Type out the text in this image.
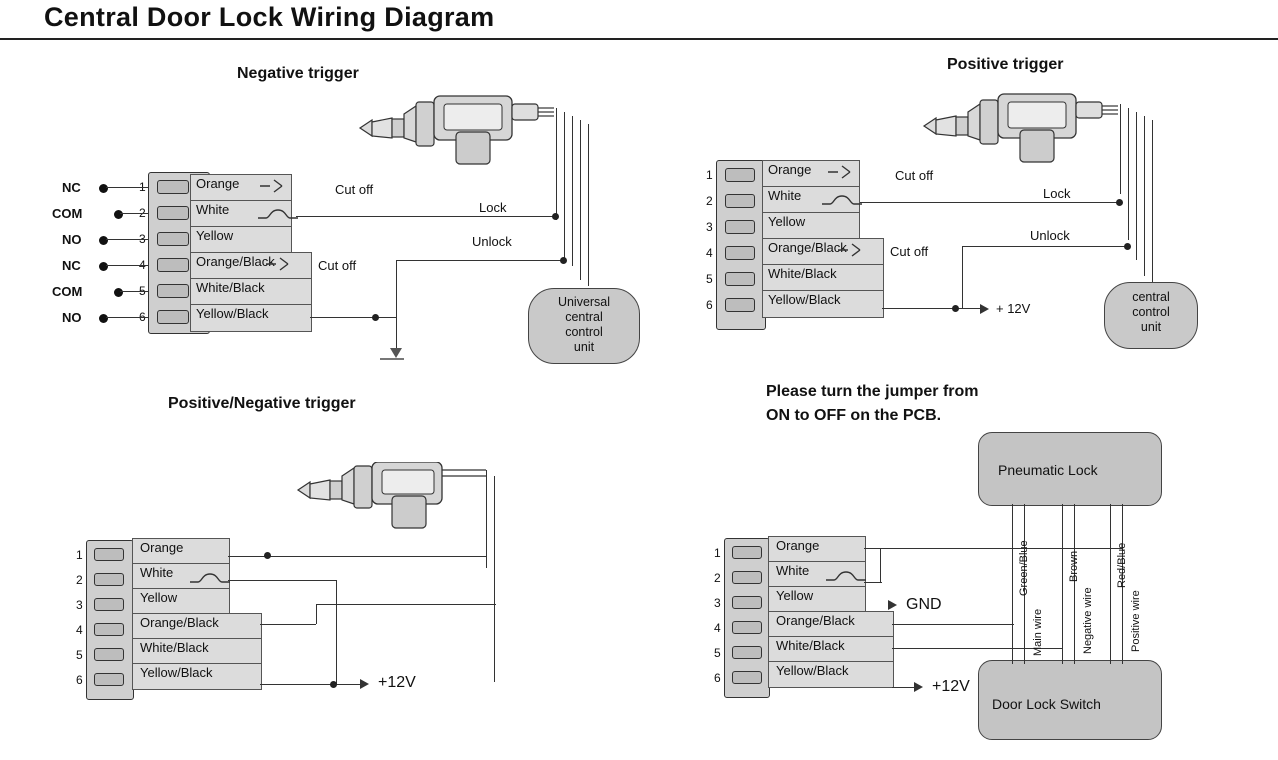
Central Door Lock Wiring Diagram
Negative trigger
NC
COM
NO
NC
COM
NO
Orange
White
Yellow
Orange/Black
White/Black
Yellow/Black
Cut off
Cut off
Lock
Unlock
Universal
central
control
unit
Positive trigger
1
2
3
4
5
6
Orange
White
Yellow
Orange/Black
White/Black
Yellow/Black
Cut off
Cut off
Lock
Unlock
+ 12V
central
control
unit
Positive/Negative trigger
1
2
3
4
5
6
Orange
White
Yellow
Orange/Black
White/Black
Yellow/Black
+12V
Please turn the jumper from
ON to OFF on the PCB.
1
2
3
4
5
6
Orange
White
Yellow
Orange/Black
White/Black
Yellow/Black
GND
+12V
Pneumatic Lock
Door Lock Switch
Green/Blue
Main wire
Brown
Negative wire
Red/Blue
Positive wire
